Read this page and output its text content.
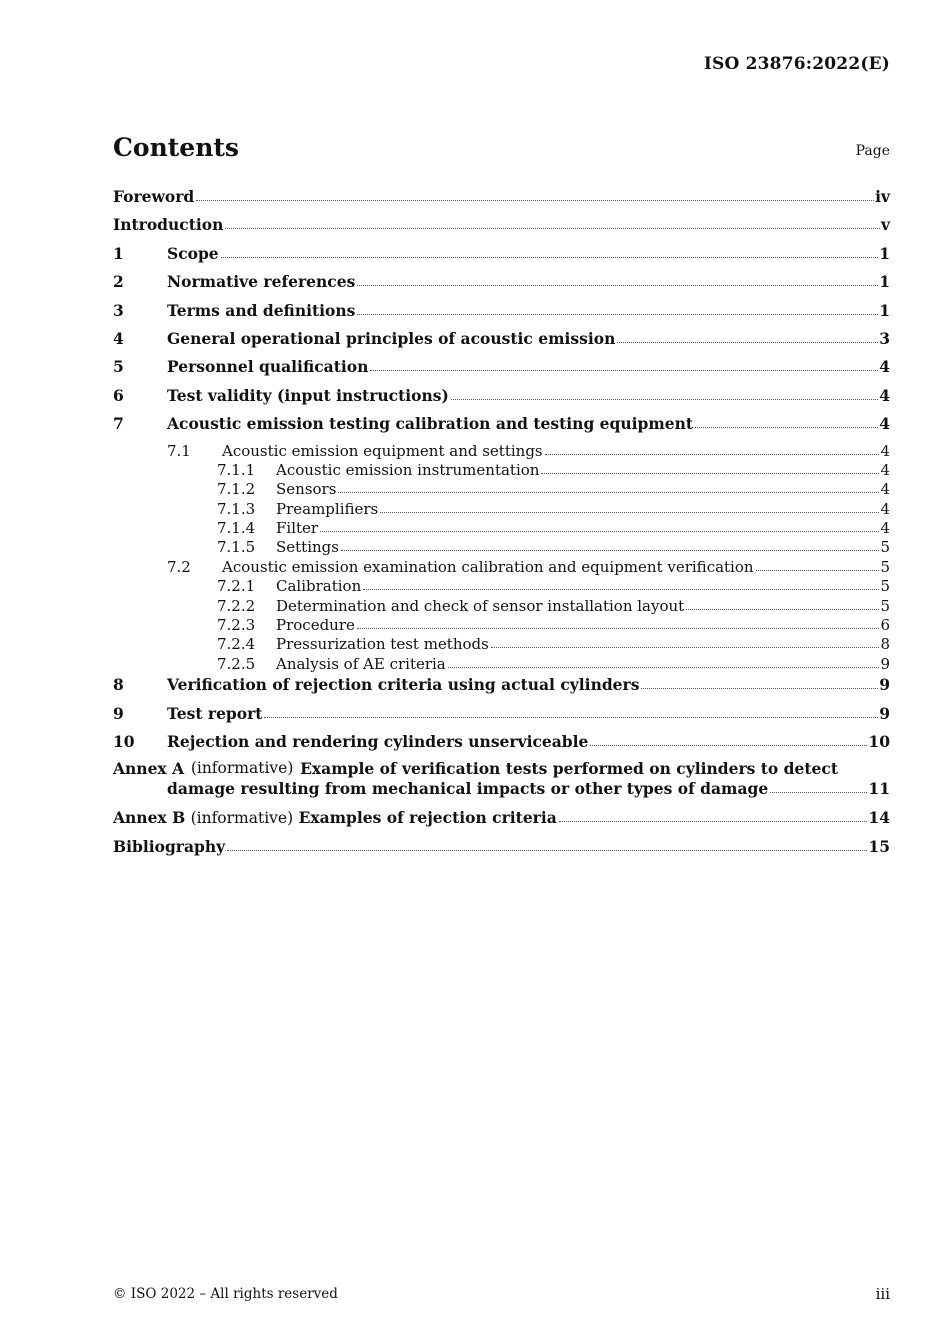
ISO 23876:2022(E)
Contents	Page
Foreword	iv
Introduction	v
1	Scope	1
2	Normative references	1
3	Terms and definitions	1
4	General operational principles of acoustic emission	3
5	Personnel qualification	4
6	Test validity (input instructions)	4
7	Acoustic emission testing calibration and testing equipment	4
7.1	Acoustic emission equipment and settings	4
7.1.1	Acoustic emission instrumentation	4
7.1.2	Sensors	4
7.1.3	Preamplifiers	4
7.1.4	Filter	4
7.1.5	Settings	5
7.2	Acoustic emission examination calibration and equipment verification	5
7.2.1	Calibration	5
7.2.2	Determination and check of sensor installation layout	5
7.2.3	Procedure	6
7.2.4	Pressurization test methods	8
7.2.5	Analysis of AE criteria	9
8	Verification of rejection criteria using actual cylinders	9
9	Test report	9
10	Rejection and rendering cylinders unserviceable	10
Annex A (informative) Example of verification tests performed on cylinders to detect
damage resulting from mechanical impacts or other types of damage	11
Annex B (informative) Examples of rejection criteria	14
Bibliography	15
© ISO 2022 – All rights reserved	iii
